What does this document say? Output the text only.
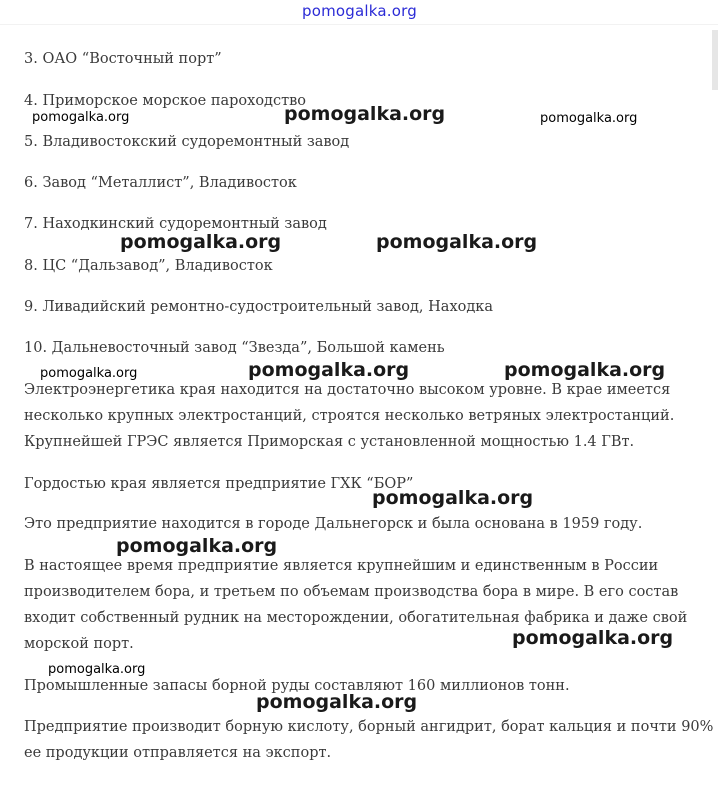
pomogalka.org
3. ОАО “Восточный порт”
4. Приморское морское пароходство
5. Владивостокский судоремонтный завод
6. Завод “Металлист”, Владивосток
7. Находкинский судоремонтный завод
8. ЦС “Дальзавод”, Владивосток
9. Ливадийский ремонтно-судостроительный завод, Находка
10. Дальневосточный завод “Звезда”, Большой камень
Электроэнергетика края находится на достаточно высоком уровне. В крае имеется
несколько крупных электростанций, строятся несколько ветряных электростанций.
Крупнейшей ГРЭС является Приморская с установленной мощностью 1.4 ГВт.
Гордостью края является предприятие ГХК “БОР”
Это предприятие находится в городе Дальнегорск и была основана в 1959 году.
В настоящее время предприятие является крупнейшим и единственным в России
производителем бора, и третьем по объемам производства бора в мире. В его состав
входит собственный рудник на месторождении, обогатительная фабрика и даже свой
морской порт.
Промышленные запасы борной руды составляют 160 миллионов тонн.
Предприятие производит борную кислоту, борный ангидрит, борат кальция и почти 90%
ее продукции отправляется на экспорт.
pomogalka.org	pomogalka.org	pomogalka.org
pomogalka.org	pomogalka.org
pomogalka.org	pomogalka.org	pomogalka.org
pomogalka.org
pomogalka.org
pomogalka.org
pomogalka.org
pomogalka.org
